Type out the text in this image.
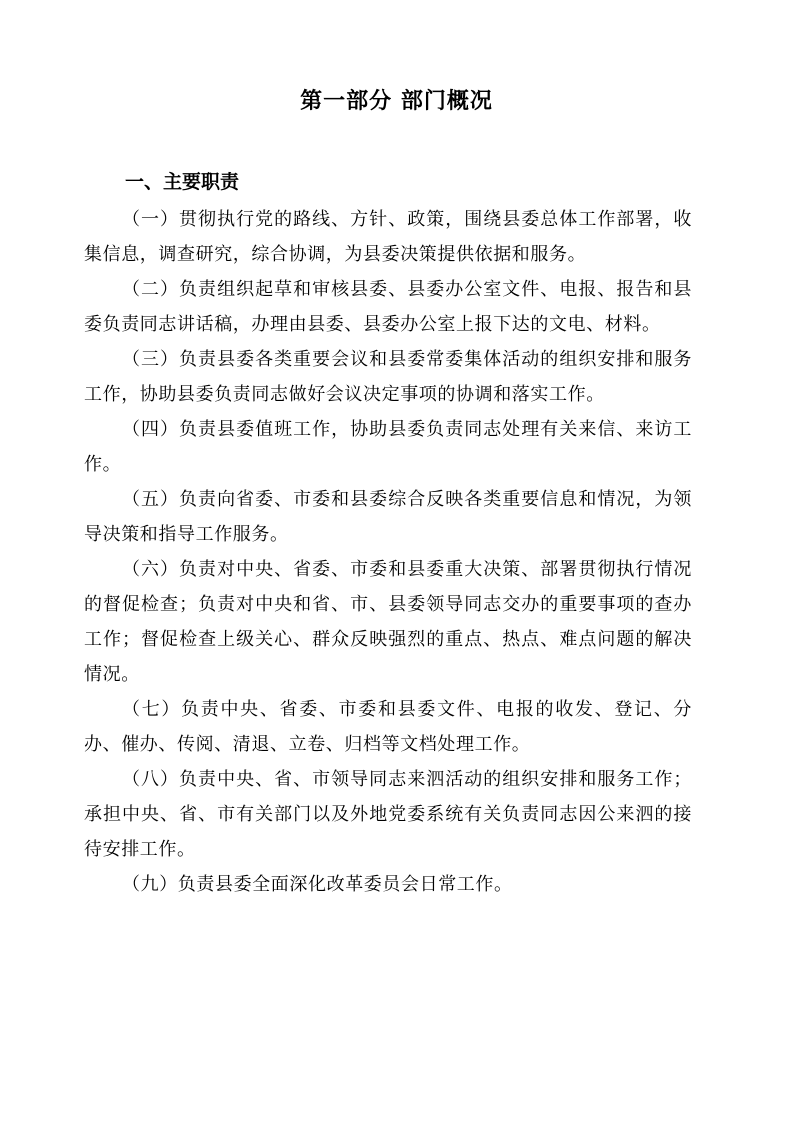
第一部分 部门概况
一、主要职责

（一）贯彻执行党的路线、方针、政策，围绕县委总体工作部署，收集信息，调查研究，综合协调，为县委决策提供依据和服务。

（二）负责组织起草和审核县委、县委办公室文件、电报、报告和县委负责同志讲话稿，办理由县委、县委办公室上报下达的文电、材料。

（三）负责县委各类重要会议和县委常委集体活动的组织安排和服务工作，协助县委负责同志做好会议决定事项的协调和落实工作。

（四）负责县委值班工作，协助县委负责同志处理有关来信、来访工作。

（五）负责向省委、市委和县委综合反映各类重要信息和情况，为领导决策和指导工作服务。

（六）负责对中央、省委、市委和县委重大决策、部署贯彻执行情况的督促检查；负责对中央和省、市、县委领导同志交办的重要事项的查办工作；督促检查上级关心、群众反映强烈的重点、热点、难点问题的解决情况。

（七）负责中央、省委、市委和县委文件、电报的收发、登记、分办、催办、传阅、清退、立卷、归档等文档处理工作。

（八）负责中央、省、市领导同志来泗活动的组织安排和服务工作；承担中央、省、市有关部门以及外地党委系统有关负责同志因公来泗的接待安排工作。

（九）负责县委全面深化改革委员会日常工作。
